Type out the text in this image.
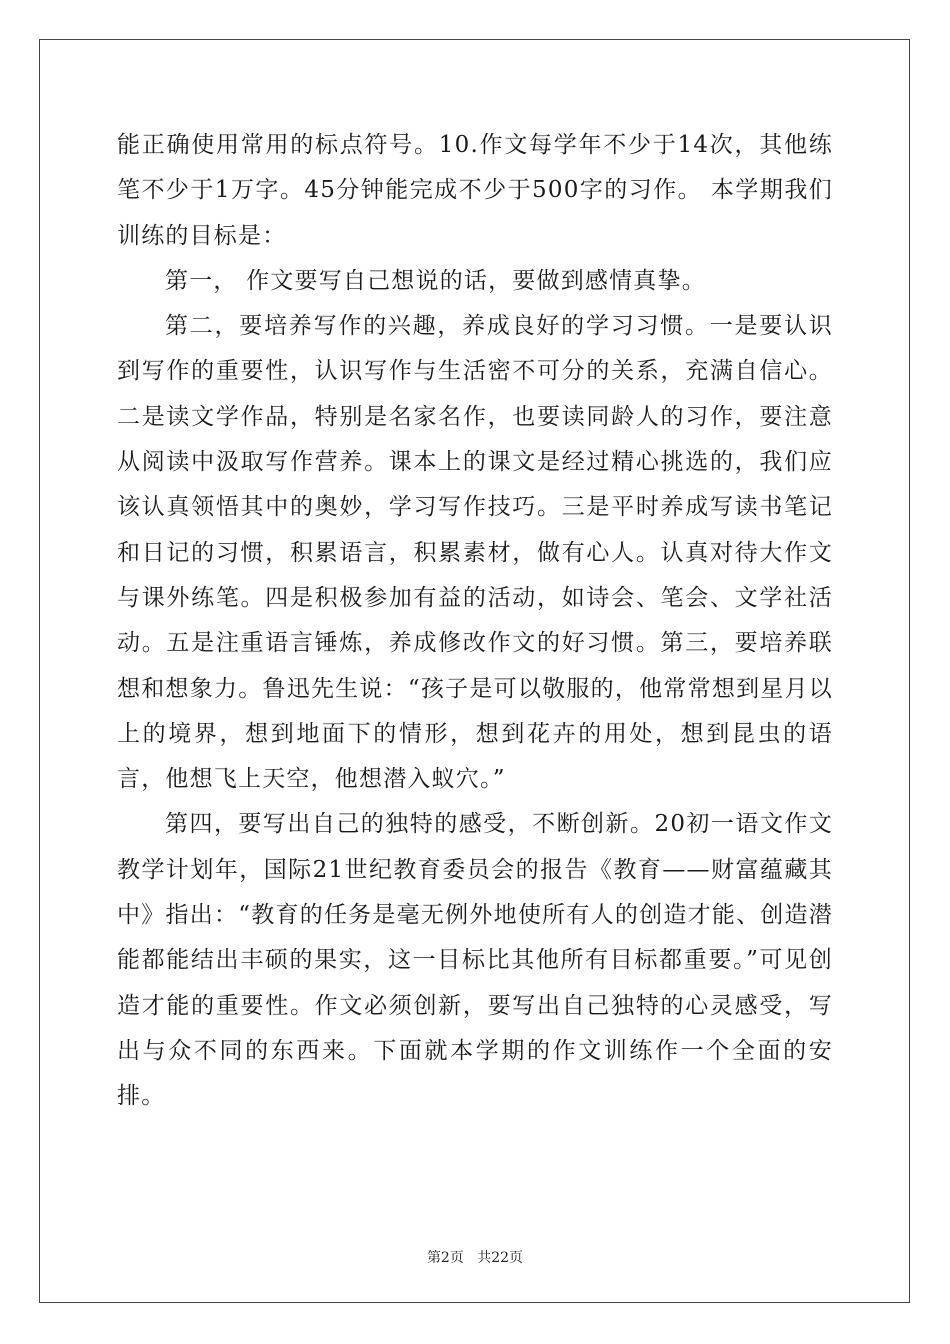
能正确使用常用的标点符号。10.作文每学年不少于14次，其他练笔不少于1万字。45分钟能完成不少于500字的习作。 本学期我们训练的目标是：

第一， 作文要写自己想说的话，要做到感情真挚。

第二，要培养写作的兴趣，养成良好的学习习惯。一是要认识到写作的重要性，认识写作与生活密不可分的关系，充满自信心。二是读文学作品，特别是名家名作，也要读同龄人的习作，要注意从阅读中汲取写作营养。课本上的课文是经过精心挑选的，我们应该认真领悟其中的奥妙，学习写作技巧。三是平时养成写读书笔记和日记的习惯，积累语言，积累素材，做有心人。认真对待大作文与课外练笔。四是积极参加有益的活动，如诗会、笔会、文学社活动。五是注重语言锤炼，养成修改作文的好习惯。第三，要培养联想和想象力。鲁迅先生说：“孩子是可以敬服的，他常常想到星月以上的境界，想到地面下的情形，想到花卉的用处，想到昆虫的语言，他想飞上天空，他想潜入蚁穴。”

第四，要写出自己的独特的感受，不断创新。20初一语文作文教学计划年，国际21世纪教育委员会的报告《教育——财富蕴藏其中》指出：“教育的任务是毫无例外地使所有人的创造才能、创造潜能都能结出丰硕的果实，这一目标比其他所有目标都重要。”可见创造才能的重要性。作文必须创新，要写出自己独特的心灵感受，写出与众不同的东西来。下面就本学期的作文训练作一个全面的安排。

第2页 共22页
